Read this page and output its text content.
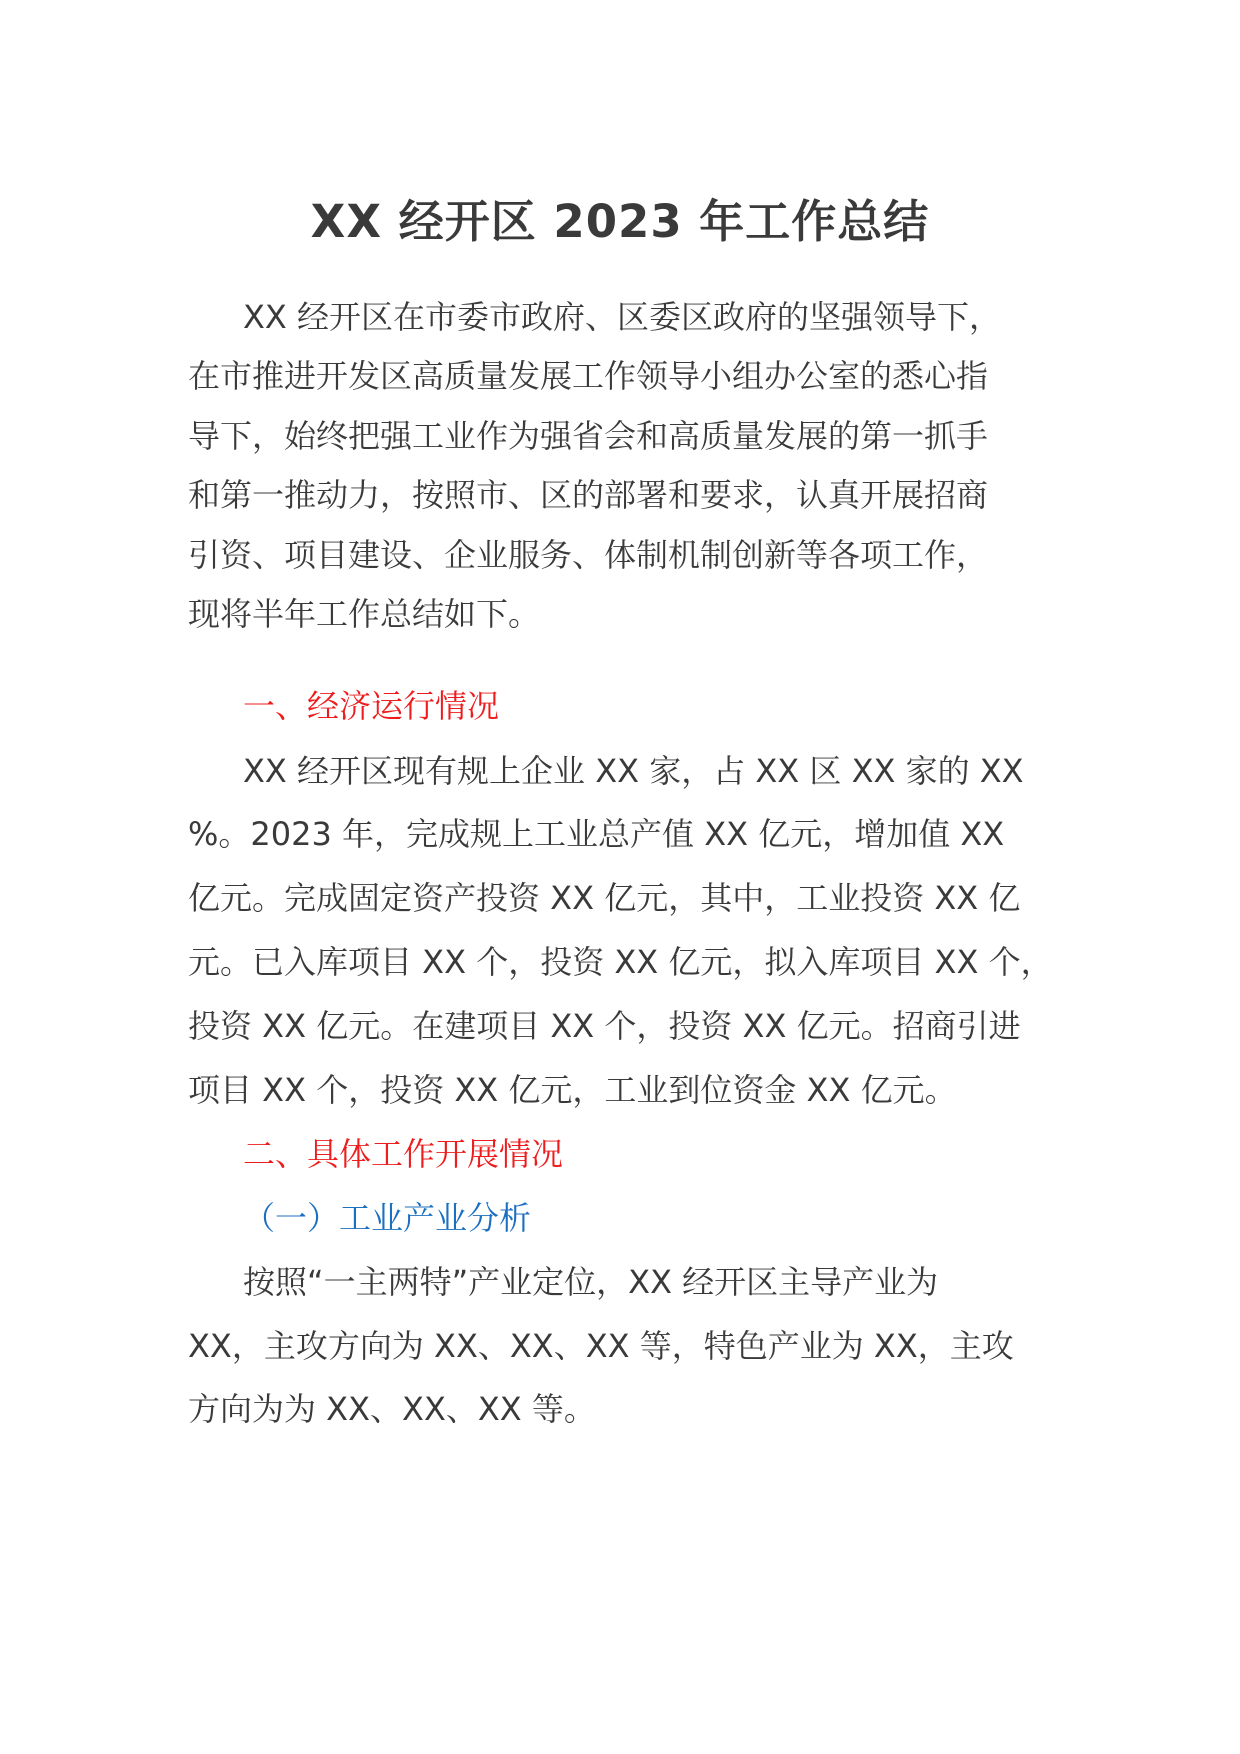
XX 经开区 2023 年工作总结
XX 经开区在市委市政府、区委区政府的坚强领导下，
在市推进开发区高质量发展工作领导小组办公室的悉心指
导下，始终把强工业作为强省会和高质量发展的第一抓手
和第一推动力，按照市、区的部署和要求，认真开展招商
引资、项目建设、企业服务、体制机制创新等各项工作，
现将半年工作总结如下。
一、经济运行情况
XX 经开区现有规上企业 XX 家，占 XX 区 XX 家的 XX
%。2023 年，完成规上工业总产值 XX 亿元，增加值 XX
亿元。完成固定资产投资 XX 亿元，其中，工业投资 XX 亿
元。已入库项目 XX 个，投资 XX 亿元，拟入库项目 XX 个，
投资 XX 亿元。在建项目 XX 个，投资 XX 亿元。招商引进
项目 XX 个，投资 XX 亿元，工业到位资金 XX 亿元。
二、具体工作开展情况
（一）工业产业分析
按照“一主两特”产业定位，XX 经开区主导产业为
XX，主攻方向为 XX、XX、XX 等，特色产业为 XX，主攻
方向为为 XX、XX、XX 等。
